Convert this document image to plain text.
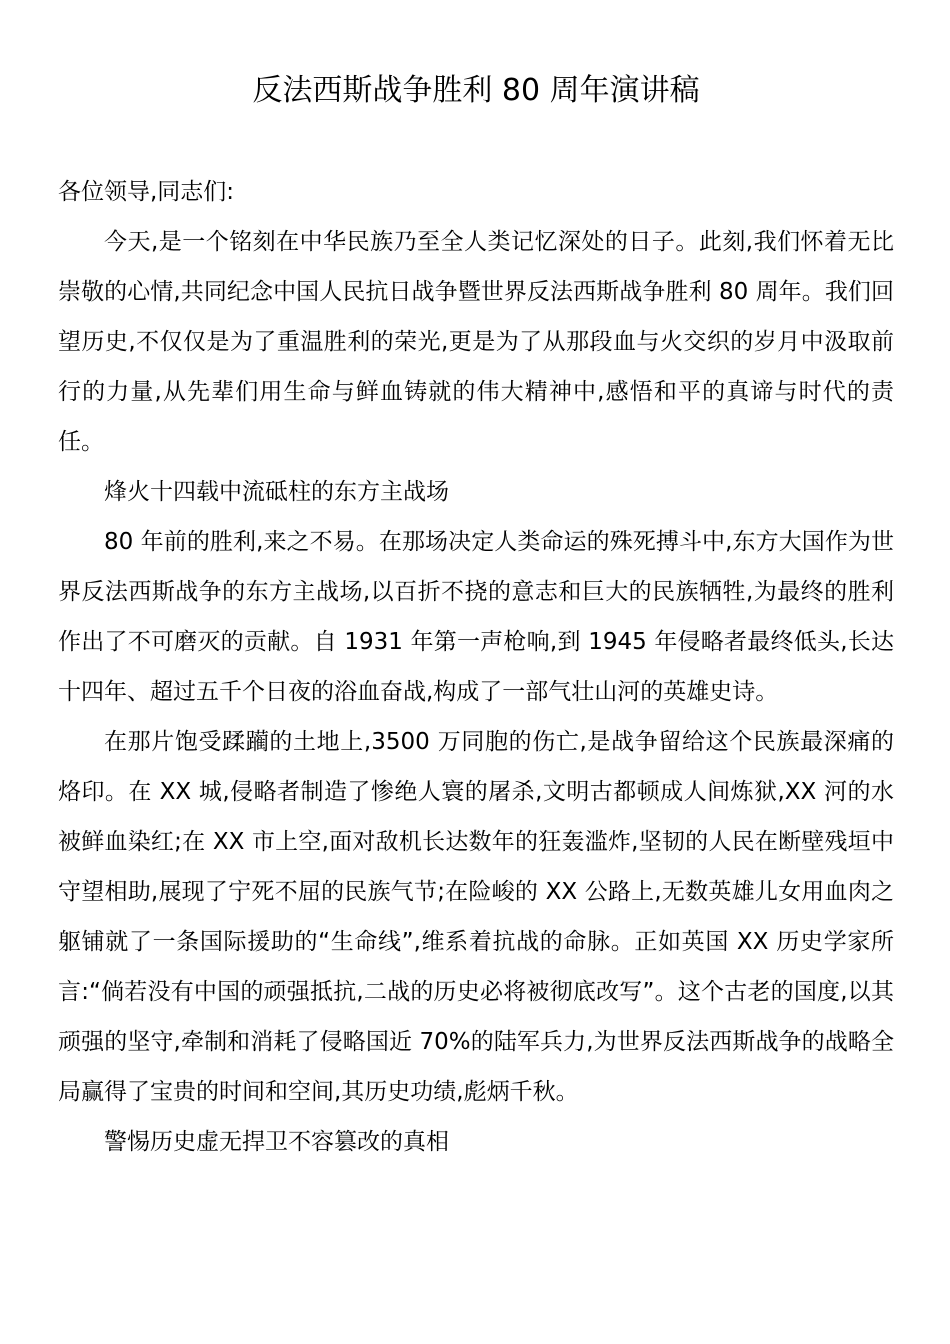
反法西斯战争胜利 80 周年演讲稿

各位领导,同志们:

今天,是一个铭刻在中华民族乃至全人类记忆深处的日子。此刻,我们怀着无比崇敬的心情,共同纪念中国人民抗日战争暨世界反法西斯战争胜利 80 周年。我们回望历史,不仅仅是为了重温胜利的荣光,更是为了从那段血与火交织的岁月中汲取前行的力量,从先辈们用生命与鲜血铸就的伟大精神中,感悟和平的真谛与时代的责任。

烽火十四载中流砥柱的东方主战场

80 年前的胜利,来之不易。在那场决定人类命运的殊死搏斗中,东方大国作为世界反法西斯战争的东方主战场,以百折不挠的意志和巨大的民族牺牲,为最终的胜利作出了不可磨灭的贡献。自 1931 年第一声枪响,到 1945 年侵略者最终低头,长达十四年、超过五千个日夜的浴血奋战,构成了一部气壮山河的英雄史诗。

在那片饱受蹂躏的土地上,3500 万同胞的伤亡,是战争留给这个民族最深痛的烙印。在 XX 城,侵略者制造了惨绝人寰的屠杀,文明古都顿成人间炼狱,XX 河的水被鲜血染红;在 XX 市上空,面对敌机长达数年的狂轰滥炸,坚韧的人民在断壁残垣中守望相助,展现了宁死不屈的民族气节;在险峻的 XX 公路上,无数英雄儿女用血肉之躯铺就了一条国际援助的“生命线”,维系着抗战的命脉。正如英国 XX 历史学家所言:“倘若没有中国的顽强抵抗,二战的历史必将被彻底改写”。这个古老的国度,以其顽强的坚守,牵制和消耗了侵略国近 70%的陆军兵力,为世界反法西斯战争的战略全局赢得了宝贵的时间和空间,其历史功绩,彪炳千秋。

警惕历史虚无捍卫不容篡改的真相
